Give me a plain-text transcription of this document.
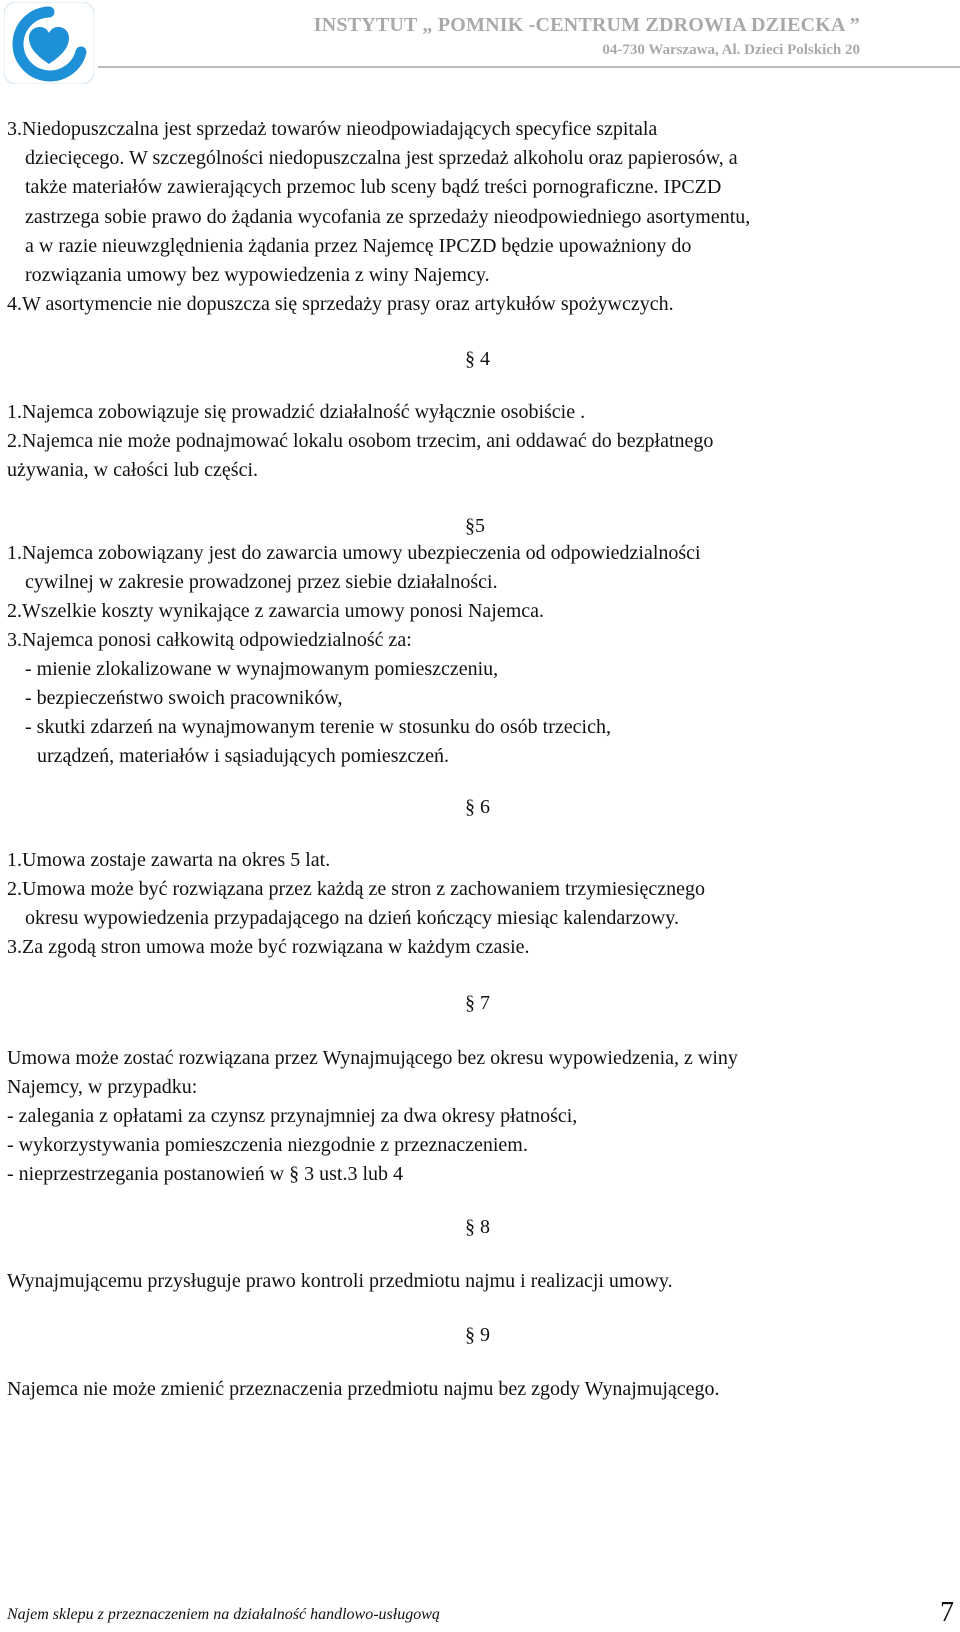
INSTYTUT „ POMNIK -CENTRUM ZDROWIA DZIECKA ”
04-730 Warszawa, Al. Dzieci Polskich 20
3.Niedopuszczalna jest sprzedaż towarów nieodpowiadających specyfice szpitala
dziecięcego. W szczególności niedopuszczalna jest sprzedaż alkoholu oraz papierosów, a
także materiałów zawierających przemoc lub sceny bądź treści pornograficzne. IPCZD
zastrzega sobie prawo do żądania wycofania ze sprzedaży nieodpowiedniego asortymentu,
a w razie nieuwzględnienia żądania przez Najemcę IPCZD będzie upoważniony do
rozwiązania umowy bez wypowiedzenia z winy Najemcy.
4.W asortymencie nie dopuszcza się sprzedaży prasy oraz artykułów spożywczych.
§ 4
1.Najemca zobowiązuje się prowadzić działalność wyłącznie osobiście .
2.Najemca nie może podnajmować lokalu osobom trzecim, ani oddawać do bezpłatnego
używania, w całości lub części.
§5
1.Najemca zobowiązany jest do zawarcia umowy ubezpieczenia od odpowiedzialności
cywilnej w zakresie prowadzonej przez siebie działalności.
2.Wszelkie koszty wynikające z zawarcia umowy ponosi Najemca.
3.Najemca ponosi całkowitą odpowiedzialność za:
- mienie zlokalizowane w wynajmowanym pomieszczeniu,
- bezpieczeństwo swoich pracowników,
- skutki zdarzeń na wynajmowanym terenie w stosunku do osób trzecich,
urządzeń, materiałów i sąsiadujących pomieszczeń.
§ 6
1.Umowa zostaje zawarta na okres 5 lat.
2.Umowa może być rozwiązana przez każdą ze stron z zachowaniem trzymiesięcznego
okresu wypowiedzenia przypadającego na dzień kończący miesiąc kalendarzowy.
3.Za zgodą stron umowa może być rozwiązana w każdym czasie.
§ 7
Umowa może zostać rozwiązana przez Wynajmującego bez okresu wypowiedzenia, z winy
Najemcy, w przypadku:
- zalegania z opłatami za czynsz przynajmniej za dwa okresy płatności,
- wykorzystywania pomieszczenia niezgodnie z przeznaczeniem.
- nieprzestrzegania postanowień w § 3 ust.3 lub 4
§ 8
Wynajmującemu przysługuje prawo kontroli przedmiotu najmu i realizacji umowy.
§ 9
Najemca nie może zmienić przeznaczenia przedmiotu najmu bez zgody Wynajmującego.
Najem sklepu z przeznaczeniem na działalność handlowo-usługową	7
